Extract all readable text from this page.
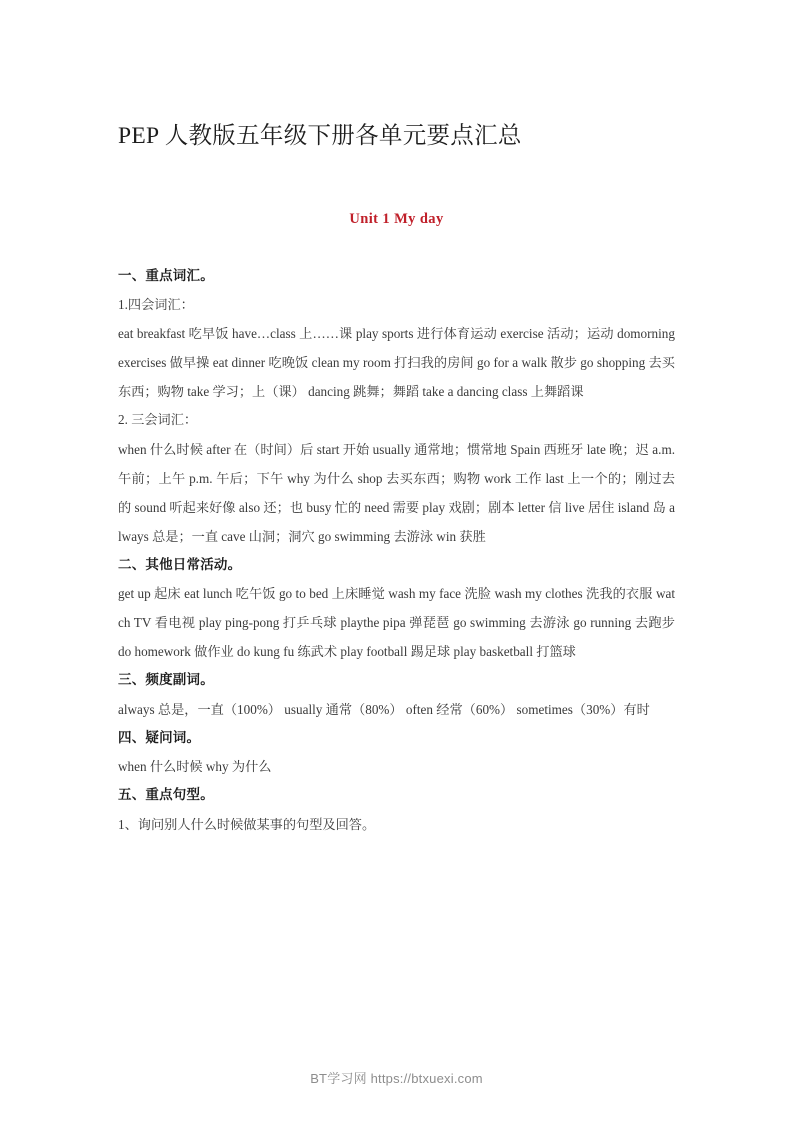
PEP 人教版五年级下册各单元要点汇总
Unit 1 My day

一、重点词汇。

1.四会词汇：

eat breakfast 吃早饭 have…class 上……课 play sports 进行体育运动 exercise 活动；运动 domorning exercises 做早操 eat dinner 吃晚饭 clean my room 打扫我的房间 go for a walk 散步 go shopping 去买东西；购物 take 学习；上（课） dancing 跳舞；舞蹈 take a dancing class 上舞蹈课

2. 三会词汇：

when 什么时候 after 在（时间）后 start 开始 usually 通常地；惯常地 Spain 西班牙 late 晚；迟 a.m. 午前；上午 p.m. 午后；下午 why 为什么 shop 去买东西；购物 work 工作 last 上一个的；刚过去的 sound 听起来好像 also 还；也 busy 忙的 need 需要 play 戏剧；剧本 letter 信 live 居住 island 岛 always 总是；一直 cave 山洞；洞穴 go swimming 去游泳 win 获胜

二、其他日常活动。

get up 起床 eat lunch 吃午饭 go to bed 上床睡觉 wash my face 洗脸 wash my clothes 洗我的衣服 watch TV 看电视 play ping-pong 打乒乓球 playthe pipa 弹琵琶 go swimming 去游泳 go running 去跑步 do homework 做作业 do kung fu 练武术 play football 踢足球 play basketball 打篮球

三、频度副词。

always 总是，一直（100%） usually 通常（80%） often 经常（60%） sometimes（30%）有时

四、疑问词。

when 什么时候 why 为什么

五、重点句型。

1、询问别人什么时候做某事的句型及回答。

BT学习网 https://btxuexi.com
